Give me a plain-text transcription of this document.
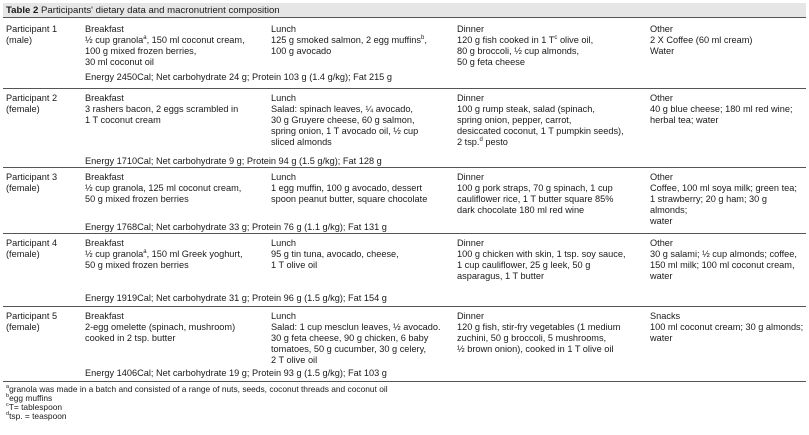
Table 2 Participants' dietary data and macronutrient composition
Participant 1
(male)
Breakfast
½ cup granola$^a$, 150 ml coconut cream,
100 g mixed frozen berries,
30 ml coconut oil
Lunch
125 g smoked salmon, 2 egg muffins$^b$,
100 g avocado
Dinner
120 g fish cooked in 1 $T^c$ olive oil,
80 g broccoli, ½ cup almonds,
50 g feta cheese
Other
2 X Coffee (60 ml cream)
Water
Energy 2450Cal; Net carbohydrate 24 g; Protein 103 g (1.4 g/kg); Fat 215 g
Participant 2
(female)
Breakfast
3 rashers bacon, 2 eggs scrambled in
1 T coconut cream
Lunch
Salad: spinach leaves, ¼ avocado,
30 g Gruyere cheese, 60 g salmon,
spring onion, 1 T avocado oil, ½ cup
sliced almonds
Dinner
100 g rump steak, salad (spinach,
spring onion, pepper, carrot,
desiccated coconut, 1 T pumpkin seeds),
2 tsp.$^d$ pesto
Other
40 g blue cheese; 180 ml red wine;
herbal tea; water
Energy 1710Cal; Net carbohydrate 9 g; Protein 94 g (1.5 g/kg); Fat 128 g
Participant 3
(female)
Breakfast
½ cup granola, 125 ml coconut cream,
50 g mixed frozen berries
Lunch
1 egg muffin, 100 g avocado, dessert
spoon peanut butter, square chocolate
Dinner
100 g pork straps, 70 g spinach, 1 cup
cauliflower rice, 1 T butter square 85%
dark chocolate 180 ml red wine
Other
Coffee, 100 ml soya milk; green tea;
1 strawberry; 20 g ham; 30 g almonds;
water
Energy 1768Cal; Net carbohydrate 33 g; Protein 76 g (1.1 g/kg); Fat 131 g
Participant 4
(female)
Breakfast
½ cup granola$^a$, 150 ml Greek yoghurt,
50 g mixed frozen berries
Lunch
95 g tin tuna, avocado, cheese,
1 T olive oil
Dinner
100 g chicken with skin, 1 tsp. soy sauce,
1 cup cauliflower, 25 g leek, 50 g
asparagus, 1 T butter
Other
30 g salami; ½ cup almonds; coffee,
150 ml milk; 100 ml coconut cream,
water
Energy 1919Cal; Net carbohydrate 31 g; Protein 96 g (1.5 g/kg); Fat 154 g
Participant 5
(female)
Breakfast
2-egg omelette (spinach, mushroom)
cooked in 2 tsp. butter
Lunch
Salad: 1 cup mesclun leaves, ½ avocado.
30 g feta cheese, 90 g chicken, 6 baby
tomatoes, 50 g cucumber, 30 g celery,
2 T olive oil
Dinner
120 g fish, stir-fry vegetables (1 medium
zuchini, 50 g broccoli, 5 mushrooms,
½ brown onion), cooked in 1 T olive oil
Snacks
100 ml coconut cream; 30 g almonds;
water
Energy 1406Cal; Net carbohydrate 19 g; Protein 93 g (1.5 g/kg); Fat 103 g
$^a$granola was made in a batch and consisted of a range of nuts, seeds, coconut threads and coconut oil
$^b$egg muffins
$^c$T= tablespoon
$^d$tsp. = teaspoon
